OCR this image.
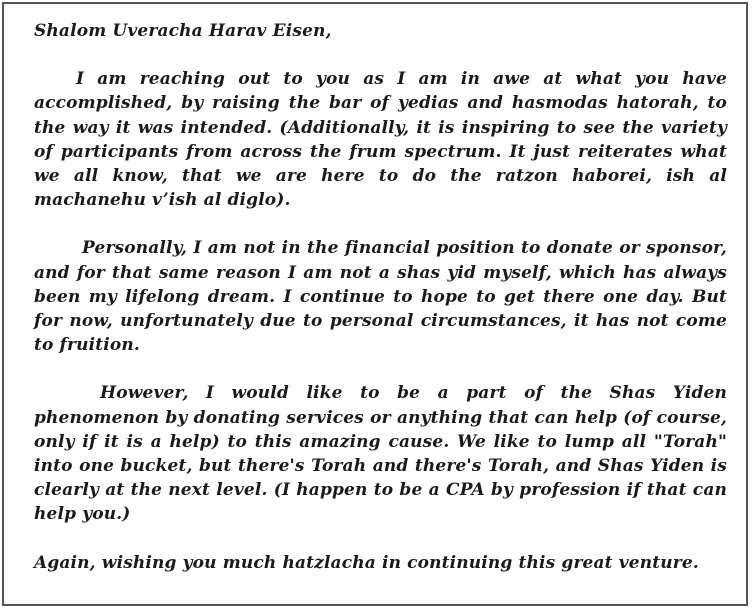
Shalom Uveracha Harav Eisen,

I am reaching out to you as I am in awe at what you have accomplished, by raising the bar of yedias and hasmodas hatorah, to the way it was intended. (Additionally, it is inspiring to see the variety of participants from across the frum spectrum. It just reiterates what we all know, that we are here to do the ratzon haborei, ish al machanehu v’ish al diglo).

Personally, I am not in the financial position to donate or sponsor, and for that same reason I am not a shas yid myself, which has always been my lifelong dream. I continue to hope to get there one day. But for now, unfortunately due to personal circumstances, it has not come to fruition.

However, I would like to be a part of the Shas Yiden phenomenon by donating services or anything that can help (of course, only if it is a help) to this amazing cause. We like to lump all "Torah" into one bucket, but there's Torah and there's Torah, and Shas Yiden is clearly at the next level. (I happen to be a CPA by profession if that can help you.)

Again, wishing you much hatzlacha in continuing this great venture.
